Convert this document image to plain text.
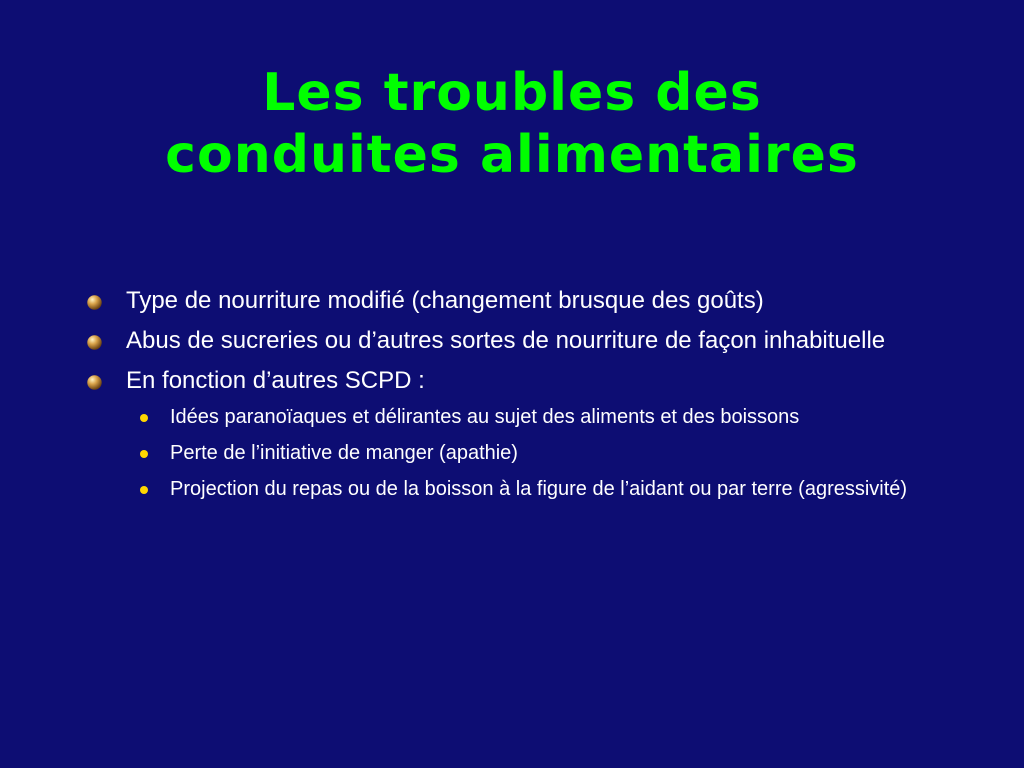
Les troubles des
conduites alimentaires
Type de nourriture modifié (changement brusque des goûts)
Abus de sucreries ou d’autres sortes de nourriture de façon inhabituelle
En fonction d’autres SCPD :
Idées paranoïaques et délirantes au sujet des aliments et des boissons
Perte de l’initiative de manger (apathie)
Projection du repas ou de la boisson à la figure de l’aidant ou par terre (agressivité)
